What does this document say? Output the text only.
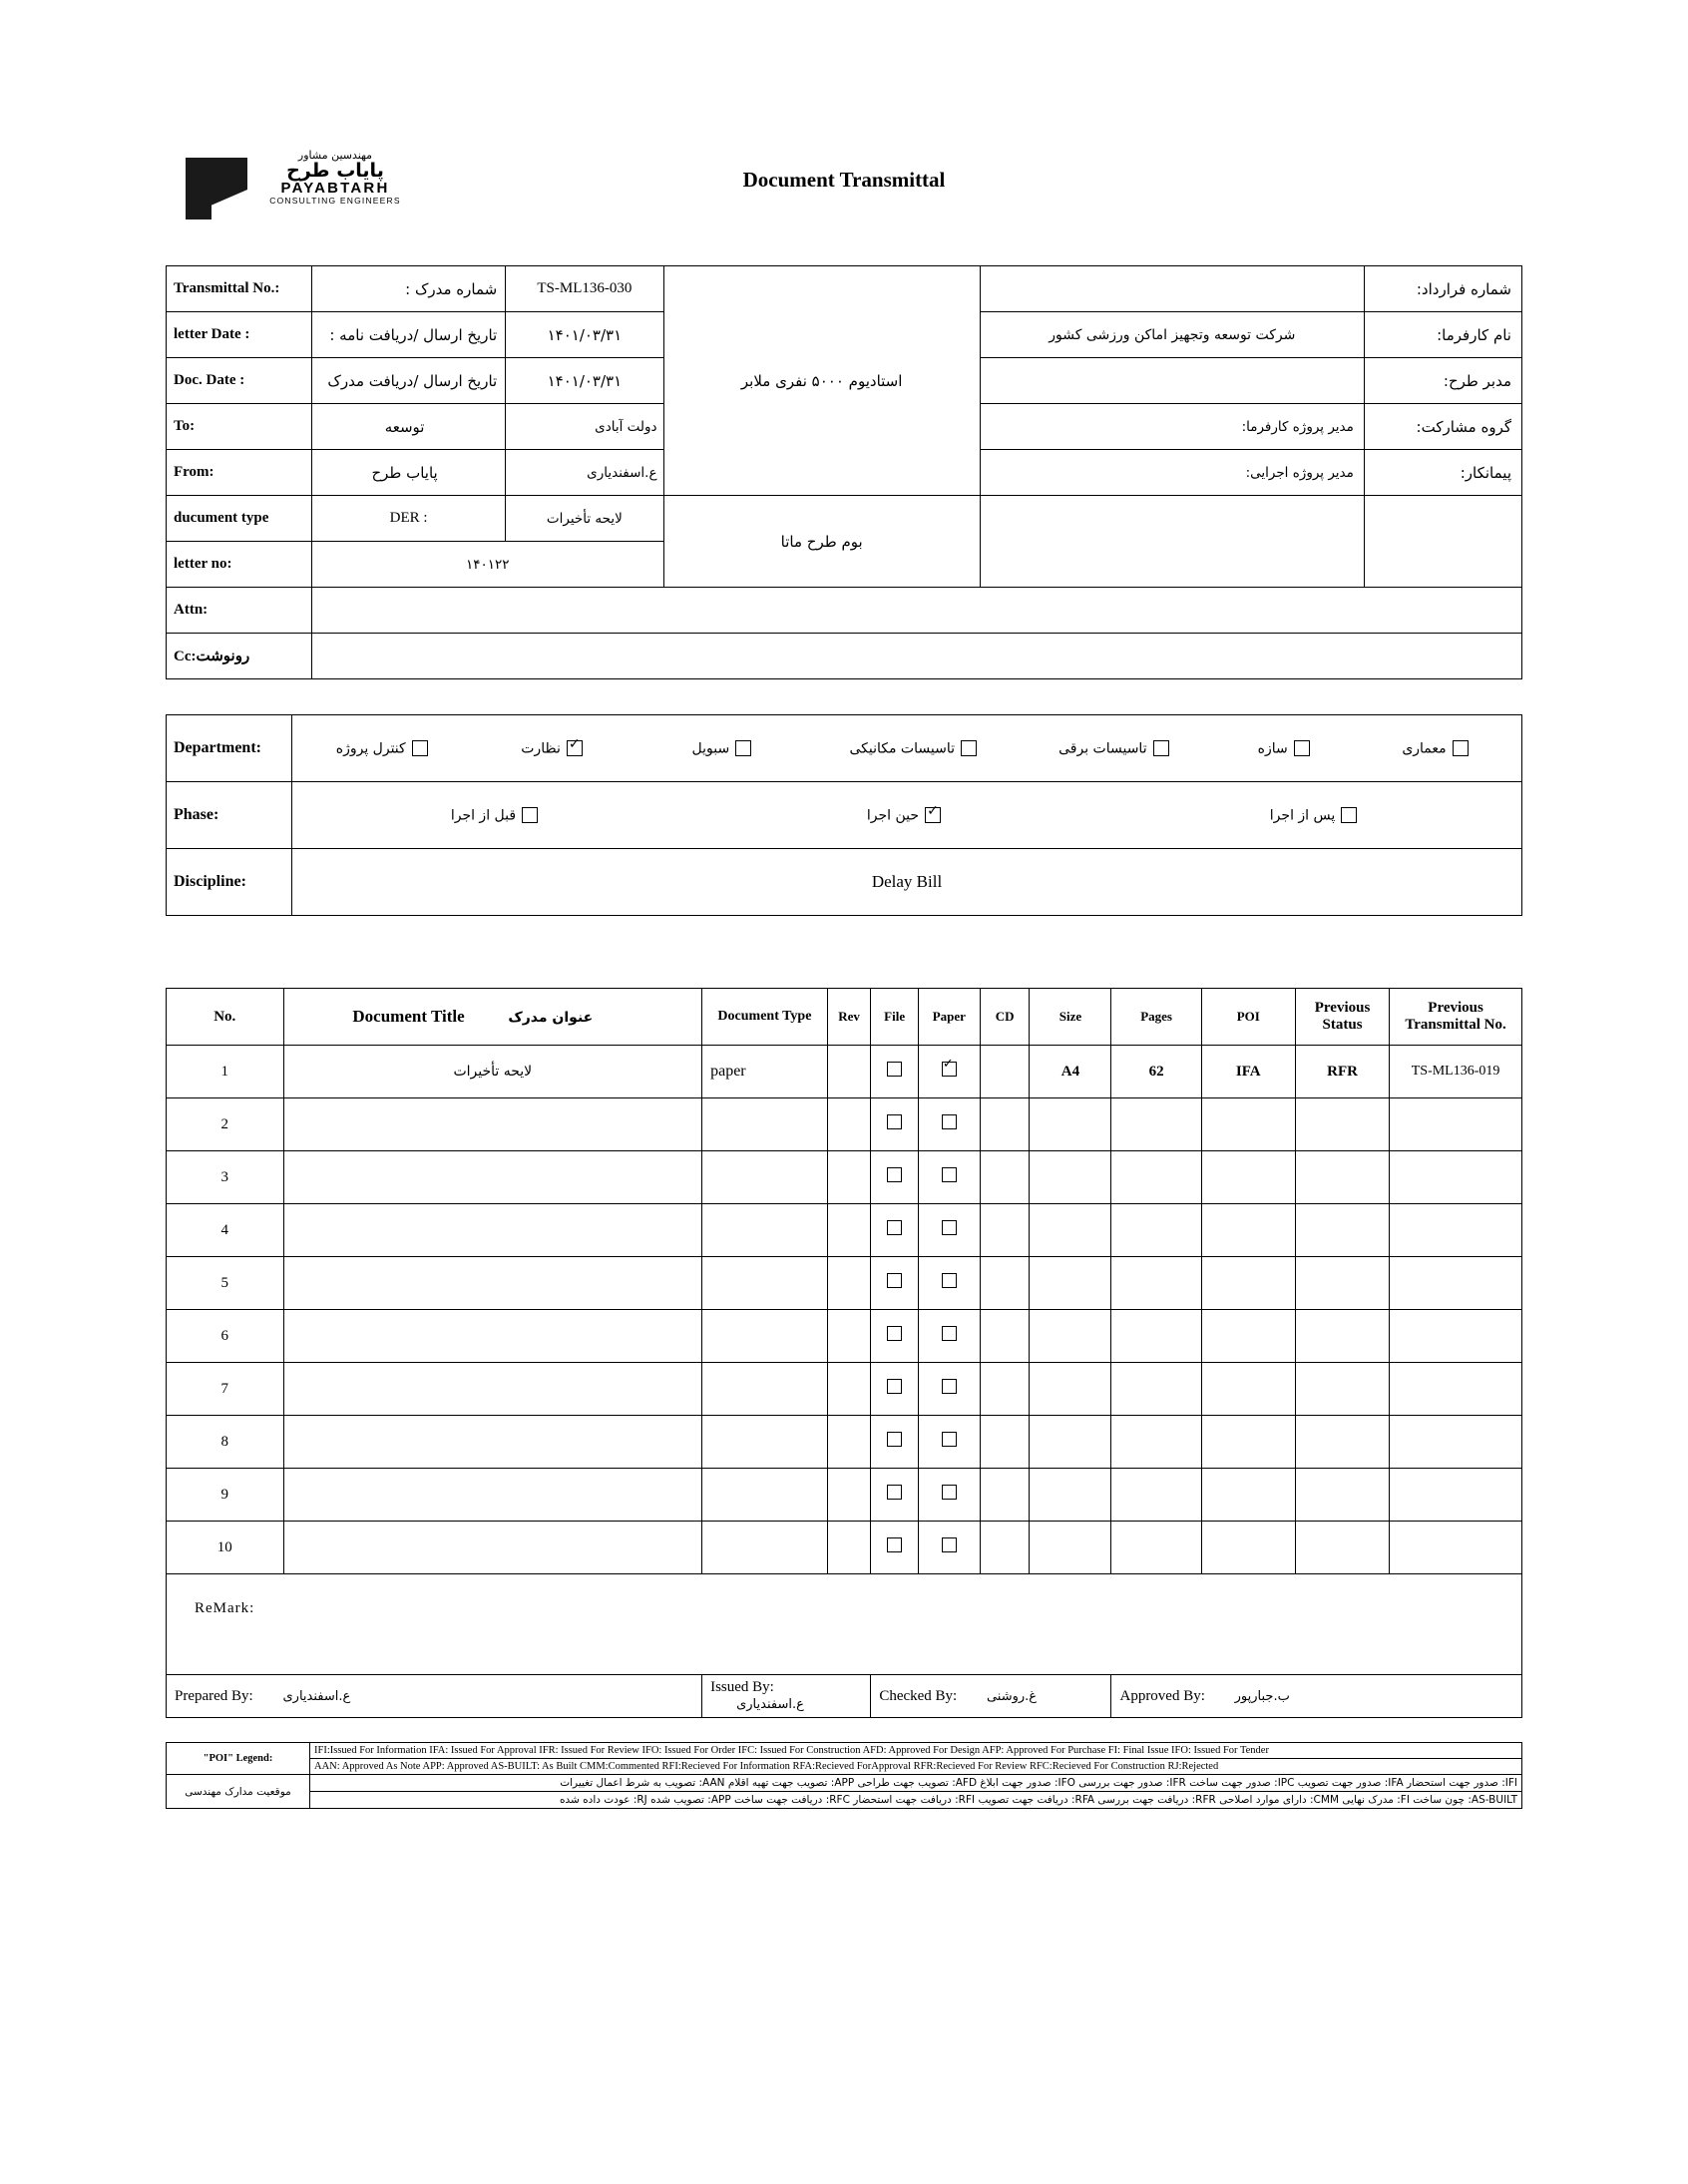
مهندسین مشاور
پایاب طرح
PAYABTARH
CONSULTING ENGINEERS
Document Transmittal
Transmittal No.:	شماره مدرک :	TS-ML136-030	استادیوم ۵۰۰۰ نفری ملابر		شماره فرارداد:
letter Date :	تاریخ ارسال /دریافت نامه :	۱۴۰۱/۰۳/۳۱		شرکت توسعه وتجهیز اماکن ورزشی کشور	نام کارفرما:
Doc. Date :	تاریخ ارسال /دریافت مدرک	۱۴۰۱/۰۳/۳۱			مدبر طرح:
To:	توسعه	دولت آبادی		مدیر پروژه کارفرما:	گروه مشارکت:
From:	پایاب طرح	ع.اسفندیاری		مدیر پروژه اجرایی:	پیمانکار:
ducument type	DER :	لایحه تأخیرات	بوم طرح ماتا		
letter no:	۱۴۰۱۲۲				
Attn:					
Cc:رونوشت					
Department:	کنترل پروژه نظارت ✓ سبویل تاسیسات مکانیکی تاسیسات برقی سازه معماری
Phase:	قبل از اجرا حین اجرا ✓ پس از اجرا
Discipline:	Delay Bill
No.	Document Title عنوان مدرک	Document Type	Rev	File	Paper	CD	Size	Pages	POI	Previous Status	Previous Transmittal No.
1	لایحه تأخیرات	paper			✓		A4	62	IFA	RFR	TS-ML136-019
2											
3											
4											
5											
6											
7											
8											
9											
10											
ReMark:											
Prepared By: ع.اسفندیاری		Issued By: ع.اسفندیاری		Checked By: غ.روشنی				Approved By: ب.جبارپور			
"POI" Legend:	IFI:Issued For Information IFA: Issued For Approval IFR: Issued For Review IFO: Issued For Order IFC: Issued For Construction AFD: Approved For Design AFP: Approved For Purchase FI: Final Issue IFO: Issued For Tender
	AAN: Approved As Note APP: Approved AS-BUILT: As Built CMM:Commented RFI:Recieved For Information RFA:Recieved ForApproval RFR:Recieved For Review RFC:Recieved For Construction RJ:Rejected
موقعیت مدارک مهندسی	IFI: صدور جهت استحضار IFA: صدور جهت تصویب IPC: صدور جهت ساخت IFR: صدور جهت بررسی IFO: صدور جهت ابلاغ AFD: تصویب جهت طراحی APP: تصویب جهت تهیه اقلام AAN: تصویب به شرط اعمال تغییرات
	AS-BUILT: چون ساخت FI: مدرک نهایی CMM: دارای موارد اصلاحی RFR: دریافت جهت بررسی RFA: دریافت جهت تصویب RFI: دریافت جهت استحضار RFC: دریافت جهت ساخت APP: تصویب شده RJ: عودت داده شده
